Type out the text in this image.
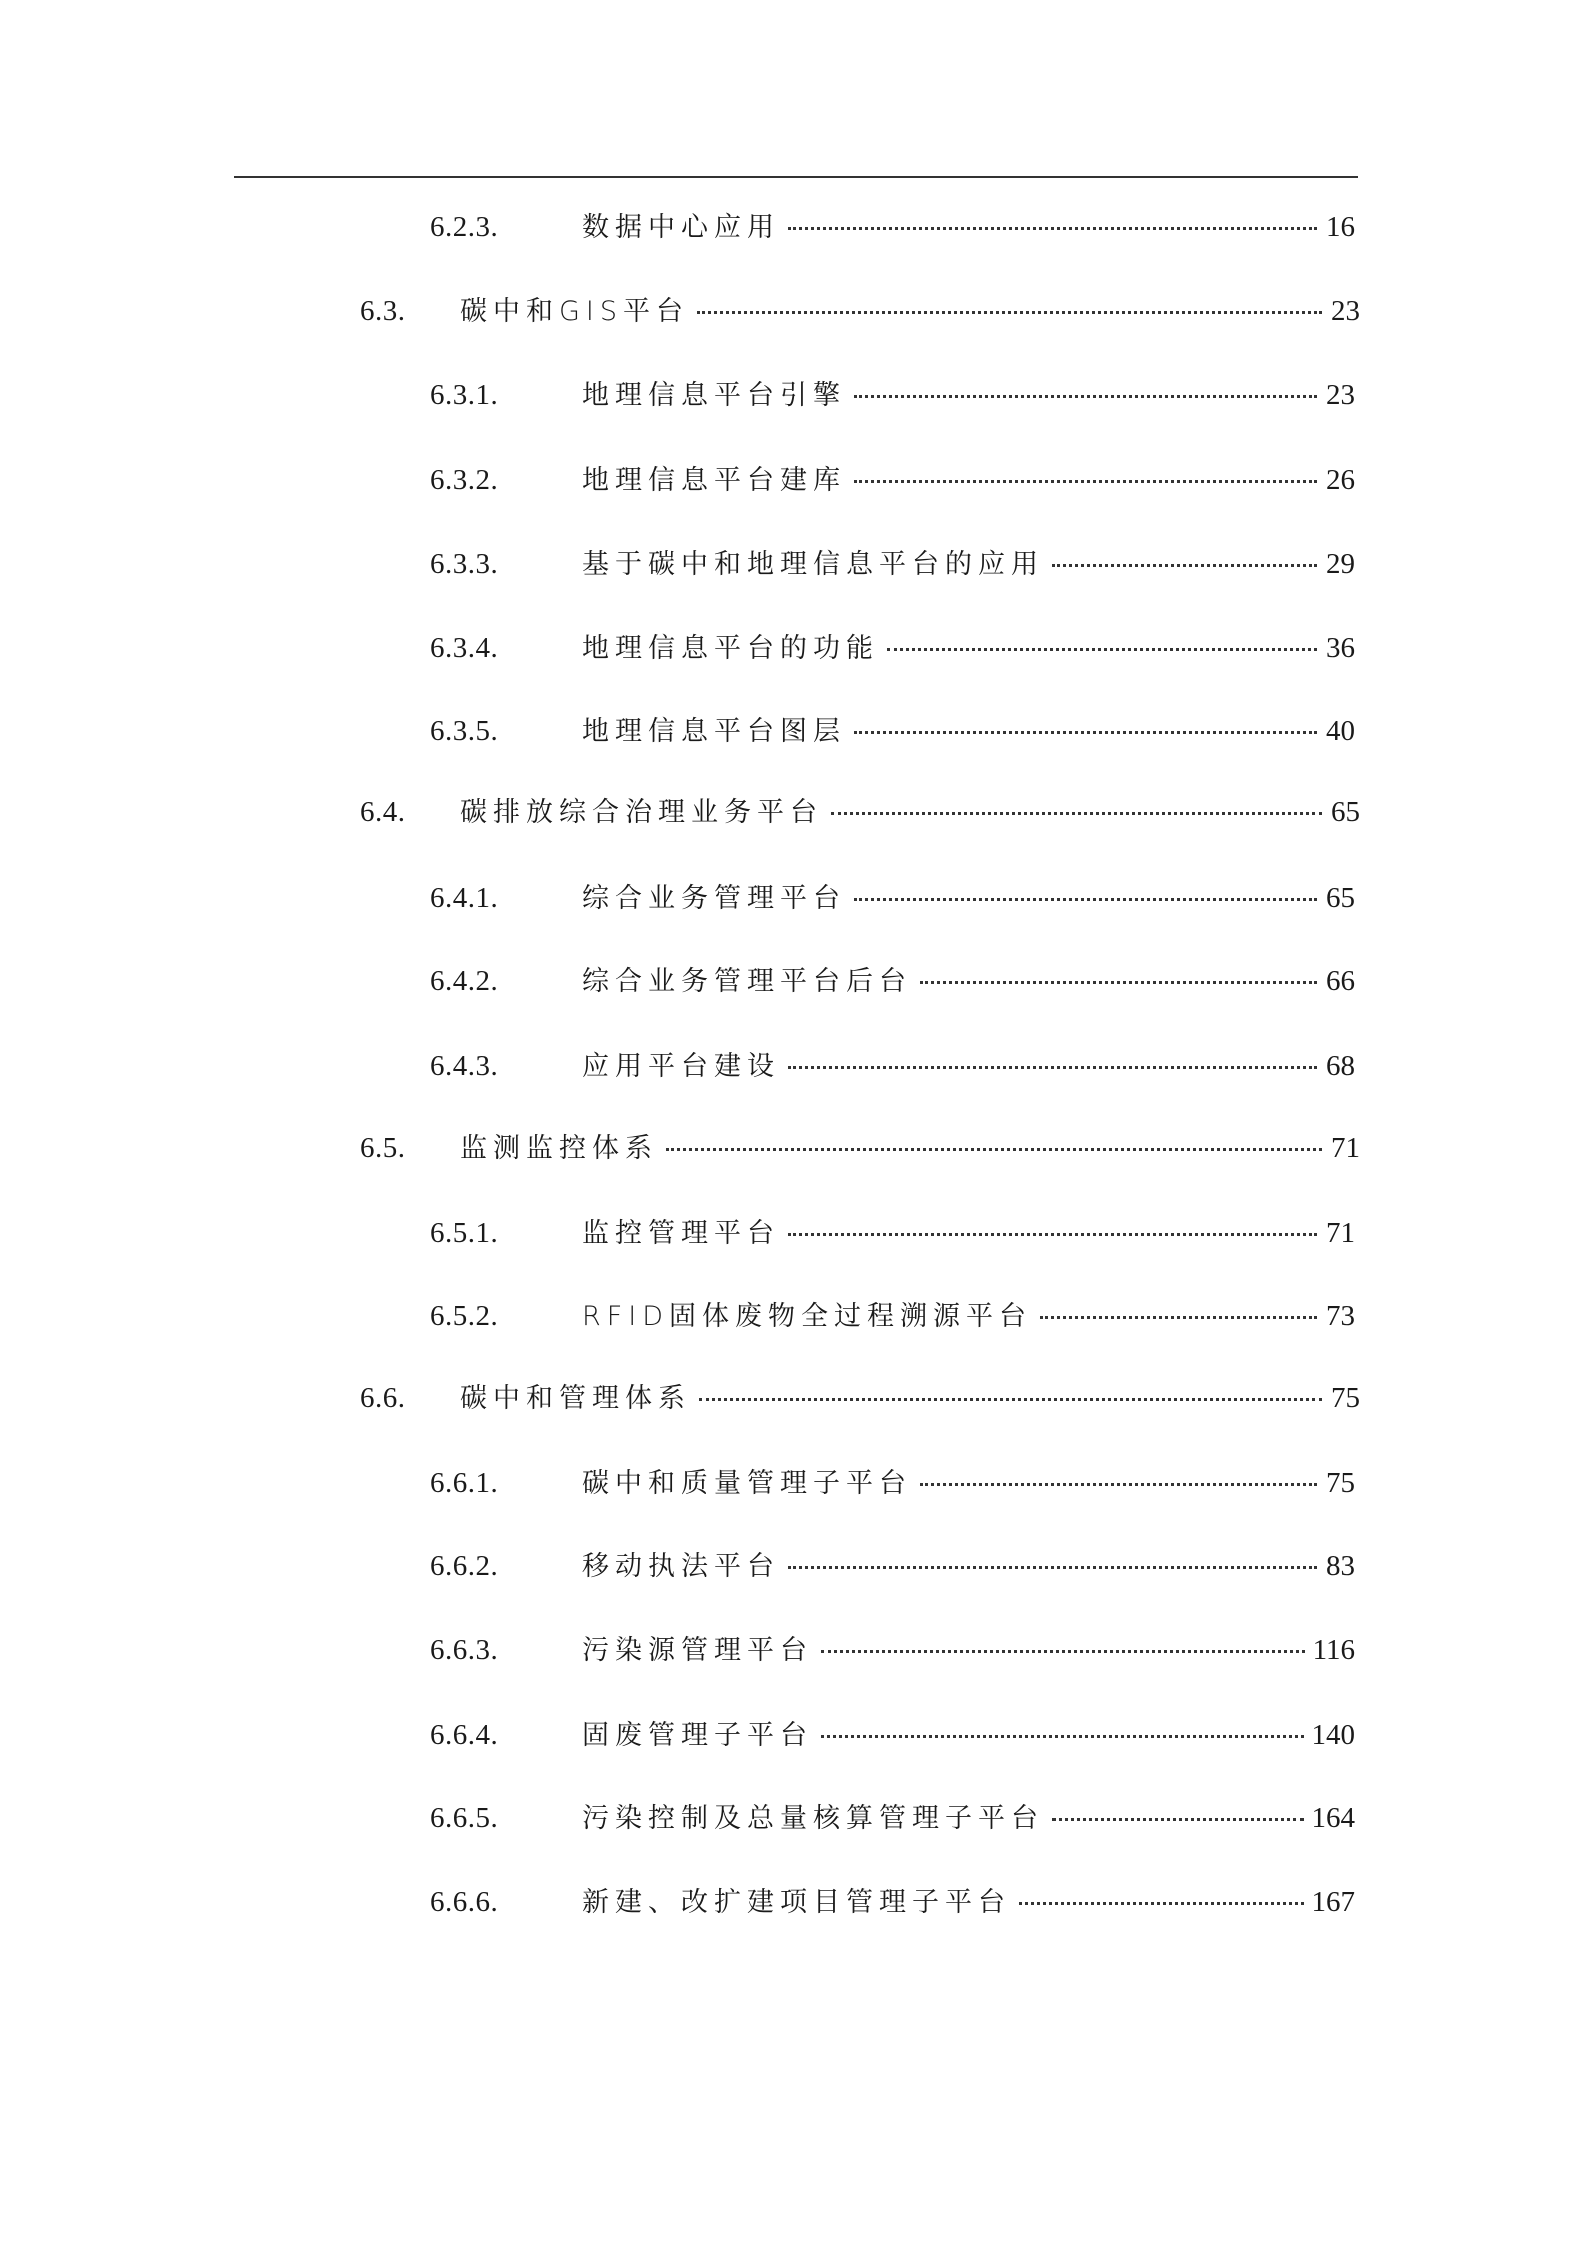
6.2.3.	数据中心应用	16
6.3.	碳中和GIS平台	23
6.3.1.	地理信息平台引擎	23
6.3.2.	地理信息平台建库	26
6.3.3.	基于碳中和地理信息平台的应用	29
6.3.4.	地理信息平台的功能	36
6.3.5.	地理信息平台图层	40
6.4.	碳排放综合治理业务平台	65
6.4.1.	综合业务管理平台	65
6.4.2.	综合业务管理平台后台	66
6.4.3.	应用平台建设	68
6.5.	监测监控体系	71
6.5.1.	监控管理平台	71
6.5.2.	RFID固体废物全过程溯源平台	73
6.6.	碳中和管理体系	75
6.6.1.	碳中和质量管理子平台	75
6.6.2.	移动执法平台	83
6.6.3.	污染源管理平台	116
6.6.4.	固废管理子平台	140
6.6.5.	污染控制及总量核算管理子平台	164
6.6.6.	新建、改扩建项目管理子平台	167
